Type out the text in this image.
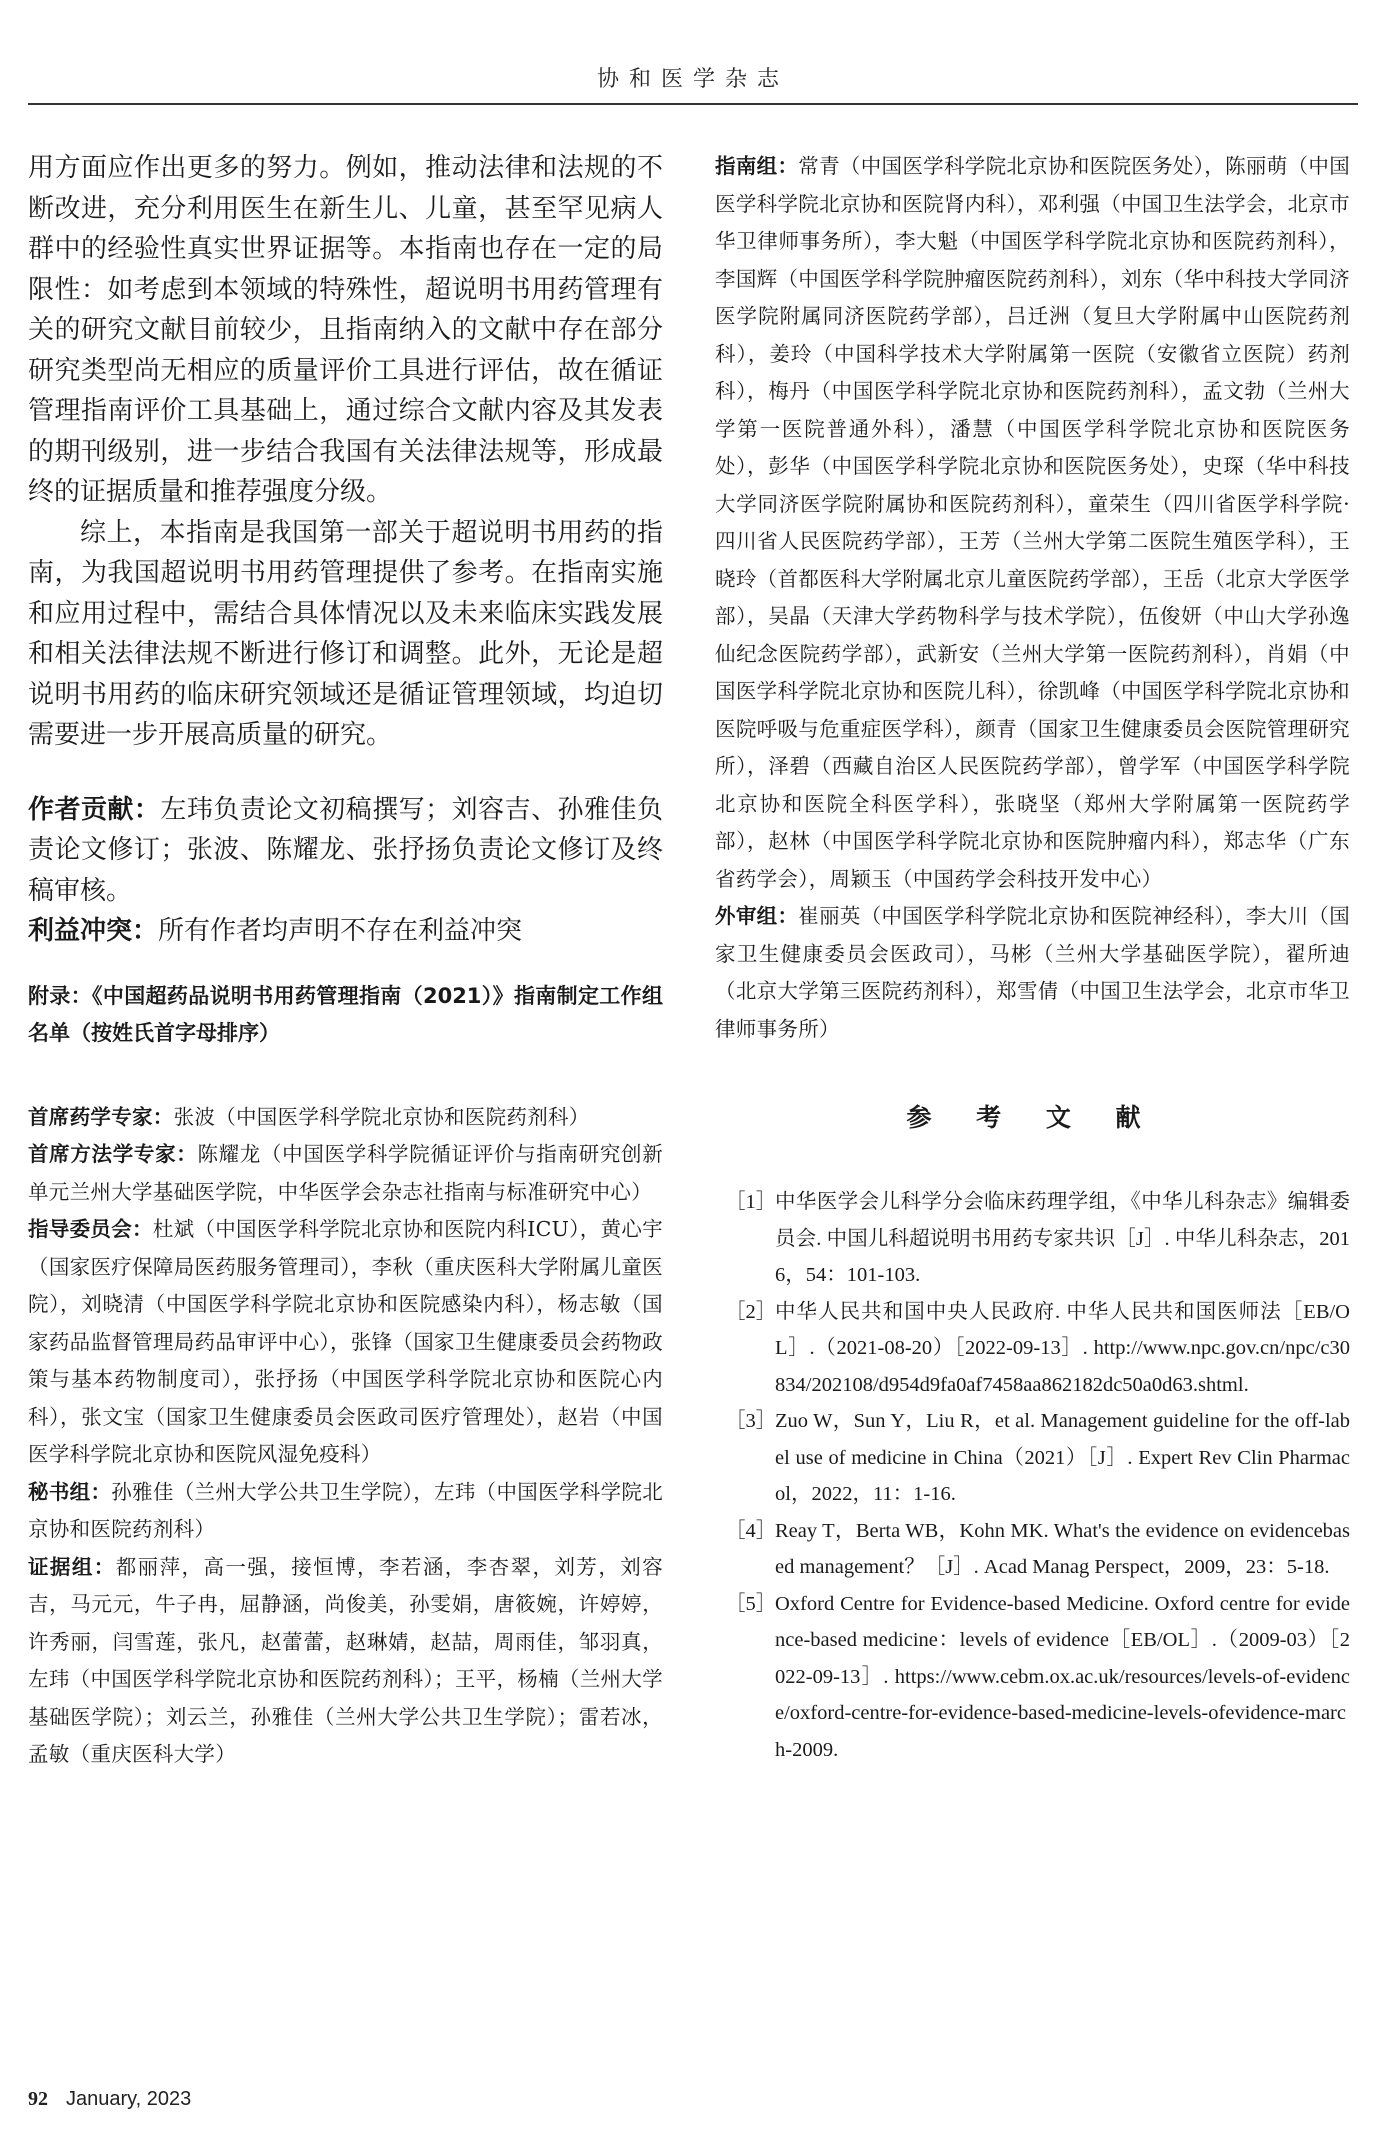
协和医学杂志

用方面应作出更多的努力。例如，推动法律和法规的不断改进，充分利用医生在新生儿、儿童，甚至罕见病人群中的经验性真实世界证据等。本指南也存在一定的局限性：如考虑到本领域的特殊性，超说明书用药管理有关的研究文献目前较少，且指南纳入的文献中存在部分研究类型尚无相应的质量评价工具进行评估，故在循证管理指南评价工具基础上，通过综合文献内容及其发表的期刊级别，进一步结合我国有关法律法规等，形成最终的证据质量和推荐强度分级。

综上，本指南是我国第一部关于超说明书用药的指南，为我国超说明书用药管理提供了参考。在指南实施和应用过程中，需结合具体情况以及未来临床实践发展和相关法律法规不断进行修订和调整。此外，无论是超说明书用药的临床研究领域还是循证管理领域，均迫切需要进一步开展高质量的研究。

作者贡献：左玮负责论文初稿撰写；刘容吉、孙雅佳负责论文修订；张波、陈耀龙、张抒扬负责论文修订及终稿审核。

利益冲突：所有作者均声明不存在利益冲突

附录：《中国超药品说明书用药管理指南（2021）》指南制定工作组名单（按姓氏首字母排序）

首席药学专家：张波（中国医学科学院北京协和医院药剂科）

首席方法学专家：陈耀龙（中国医学科学院循证评价与指南研究创新单元兰州大学基础医学院，中华医学会杂志社指南与标准研究中心）

指导委员会：杜斌（中国医学科学院北京协和医院内科ICU），黄心宇（国家医疗保障局医药服务管理司），李秋（重庆医科大学附属儿童医院），刘晓清（中国医学科学院北京协和医院感染内科），杨志敏（国家药品监督管理局药品审评中心），张锋（国家卫生健康委员会药物政策与基本药物制度司），张抒扬（中国医学科学院北京协和医院心内科），张文宝（国家卫生健康委员会医政司医疗管理处），赵岩（中国医学科学院北京协和医院风湿免疫科）

秘书组：孙雅佳（兰州大学公共卫生学院），左玮（中国医学科学院北京协和医院药剂科）

证据组：都丽萍，高一强，接恒博，李若涵，李杏翠，刘芳，刘容吉，马元元，牛子冉，屈静涵，尚俊美，孙雯娟，唐筱婉，许婷婷，许秀丽，闫雪莲，张凡，赵蕾蕾，赵琳婧，赵喆，周雨佳，邹羽真，左玮（中国医学科学院北京协和医院药剂科）；王平，杨楠（兰州大学基础医学院）；刘云兰，孙雅佳（兰州大学公共卫生学院）；雷若冰，孟敏（重庆医科大学）

指南组：常青（中国医学科学院北京协和医院医务处），陈丽萌（中国医学科学院北京协和医院肾内科），邓利强（中国卫生法学会，北京市华卫律师事务所），李大魁（中国医学科学院北京协和医院药剂科），李国辉（中国医学科学院肿瘤医院药剂科），刘东（华中科技大学同济医学院附属同济医院药学部），吕迁洲（复旦大学附属中山医院药剂科），姜玲（中国科学技术大学附属第一医院（安徽省立医院）药剂科），梅丹（中国医学科学院北京协和医院药剂科），孟文勃（兰州大学第一医院普通外科），潘慧（中国医学科学院北京协和医院医务处），彭华（中国医学科学院北京协和医院医务处），史琛（华中科技大学同济医学院附属协和医院药剂科），童荣生（四川省医学科学院·四川省人民医院药学部），王芳（兰州大学第二医院生殖医学科），王晓玲（首都医科大学附属北京儿童医院药学部），王岳（北京大学医学部），吴晶（天津大学药物科学与技术学院），伍俊妍（中山大学孙逸仙纪念医院药学部），武新安（兰州大学第一医院药剂科），肖娟（中国医学科学院北京协和医院儿科），徐凯峰（中国医学科学院北京协和医院呼吸与危重症医学科），颜青（国家卫生健康委员会医院管理研究所），泽碧（西藏自治区人民医院药学部），曾学军（中国医学科学院北京协和医院全科医学科），张晓坚（郑州大学附属第一医院药学部），赵林（中国医学科学院北京协和医院肿瘤内科），郑志华（广东省药学会），周颖玉（中国药学会科技开发中心）

外审组：崔丽英（中国医学科学院北京协和医院神经科），李大川（国家卫生健康委员会医政司），马彬（兰州大学基础医学院），翟所迪（北京大学第三医院药剂科），郑雪倩（中国卫生法学会，北京市华卫律师事务所）

参 考 文 献
［1］
中华医学会儿科学分会临床药理学组，《中华儿科杂志》编辑委员会. 中国儿科超说明书用药专家共识［J］. 中华儿科杂志，2016，54：101-103.
［2］
中华人民共和国中央人民政府. 中华人民共和国医师法［EB/OL］.（2021-08-20）［2022-09-13］. http://www.npc.gov.cn/npc/c30834/202108/d954d9fa0af7458aa862182dc50a0d63.shtml.
［3］
Zuo W，Sun Y，Liu R，et al. Management guideline for the off-label use of medicine in China（2021）［J］. Expert Rev Clin Pharmacol，2022，11：1-16.
［4］
Reay T，Berta WB，Kohn MK. What's the evidence on evidencebased management？［J］. Acad Manag Perspect，2009，23：5-18.
［5］
Oxford Centre for Evidence-based Medicine. Oxford centre for evidence-based medicine：levels of evidence［EB/OL］.（2009-03）［2022-09-13］. https://www.cebm.ox.ac.uk/resources/levels-of-evidence/oxford-centre-for-evidence-based-medicine-levels-ofevidence-march-2009.
92 January, 2023
